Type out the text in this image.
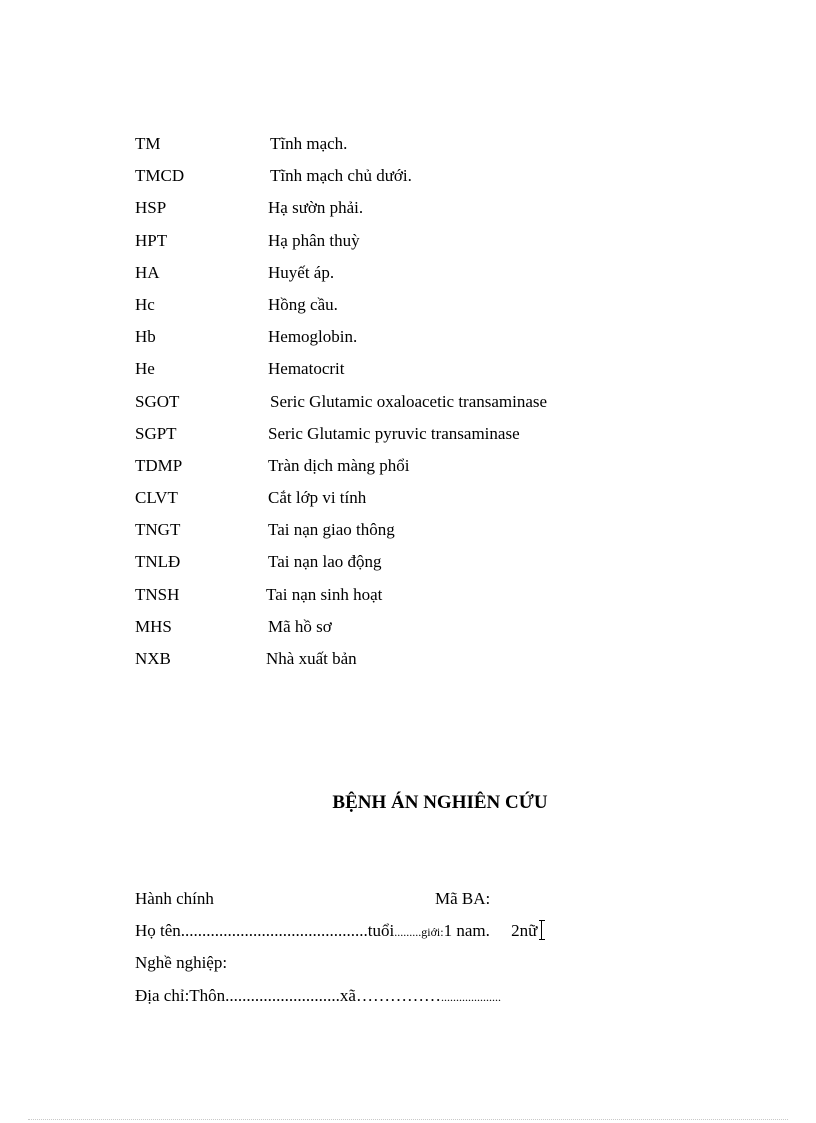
TM	Tĩnh mạch.
TMCD	Tĩnh mạch chủ dưới.
HSP	Hạ sườn phải.
HPT	Hạ phân thuỳ
HA	Huyết áp.
Hc	Hồng cầu.
Hb	Hemoglobin.
He	Hematocrit
SGOT	Seric Glutamic oxaloacetic transaminase
SGPT	Seric Glutamic pyruvic transaminase
TDMP	Tràn dịch màng phổi
CLVT	Cắt lớp vi tính
TNGT	Tai nạn giao thông
TNLĐ	Tai nạn lao động
TNSH	Tai nạn sinh hoạt
MHS	Mã hồ sơ
NXB	Nhà xuất bản
BỆNH ÁN NGHIÊN CỨU
Hành chính	Mã BA:
Họ tên............................................tuổi.........giới:1 nam. 2nữ
Nghề nghiệp:
Địa chỉ:Thôn...........................xã……………....................
